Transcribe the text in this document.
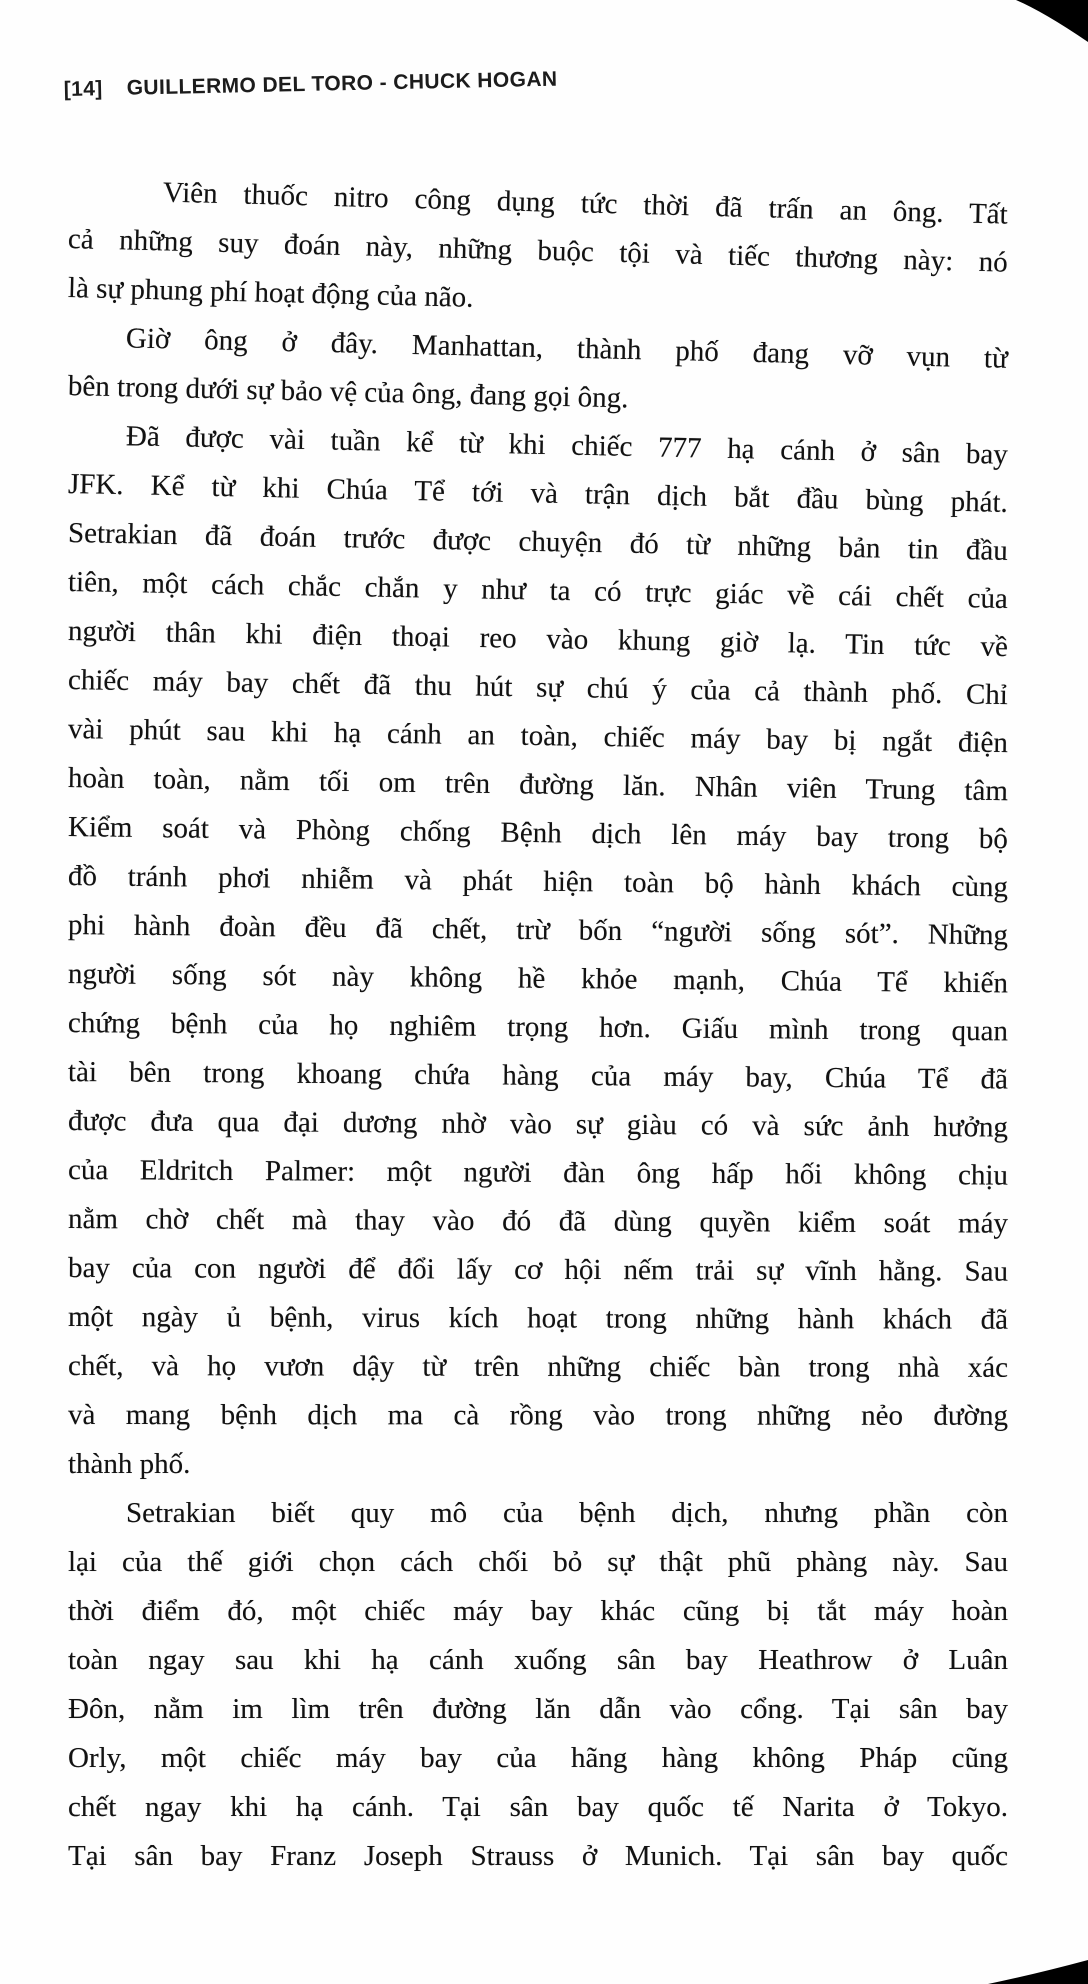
[14] GUILLERMO DEL TORO - CHUCK HOGAN
Viên thuốc nitro công dụng tức thời đã trấn an ông. Tất
cả những suy đoán này, những buộc tội và tiếc thương này: nó
là sự phung phí hoạt động của não.
Giờ ông ở đây. Manhattan, thành phố đang vỡ vụn từ
bên trong dưới sự bảo vệ của ông, đang gọi ông.
Đã được vài tuần kể từ khi chiếc 777 hạ cánh ở sân bay
JFK. Kể từ khi Chúa Tể tới và trận dịch bắt đầu bùng phát.
Setrakian đã đoán trước được chuyện đó từ những bản tin đầu
tiên, một cách chắc chắn y như ta có trực giác về cái chết của
người thân khi điện thoại reo vào khung giờ lạ. Tin tức về
chiếc máy bay chết đã thu hút sự chú ý của cả thành phố. Chỉ
vài phút sau khi hạ cánh an toàn, chiếc máy bay bị ngắt điện
hoàn toàn, nằm tối om trên đường lăn. Nhân viên Trung tâm
Kiểm soát và Phòng chống Bệnh dịch lên máy bay trong bộ
đồ tránh phơi nhiễm và phát hiện toàn bộ hành khách cùng
phi hành đoàn đều đã chết, trừ bốn “người sống sót”. Những
người sống sót này không hề khỏe mạnh, Chúa Tể khiến
chứng bệnh của họ nghiêm trọng hơn. Giấu mình trong quan
tài bên trong khoang chứa hàng của máy bay, Chúa Tể đã
được đưa qua đại dương nhờ vào sự giàu có và sức ảnh hưởng
của Eldritch Palmer: một người đàn ông hấp hối không chịu
nằm chờ chết mà thay vào đó đã dùng quyền kiểm soát máy
bay của con người để đổi lấy cơ hội nếm trải sự vĩnh hằng. Sau
một ngày ủ bệnh, virus kích hoạt trong những hành khách đã
chết, và họ vươn dậy từ trên những chiếc bàn trong nhà xác
và mang bệnh dịch ma cà rồng vào trong những nẻo đường
thành phố.
Setrakian biết quy mô của bệnh dịch, nhưng phần còn
lại của thế giới chọn cách chối bỏ sự thật phũ phàng này. Sau
thời điểm đó, một chiếc máy bay khác cũng bị tắt máy hoàn
toàn ngay sau khi hạ cánh xuống sân bay Heathrow ở Luân
Đôn, nằm im lìm trên đường lăn dẫn vào cổng. Tại sân bay
Orly, một chiếc máy bay của hãng hàng không Pháp cũng
chết ngay khi hạ cánh. Tại sân bay quốc tế Narita ở Tokyo.
Tại sân bay Franz Joseph Strauss ở Munich. Tại sân bay quốc
